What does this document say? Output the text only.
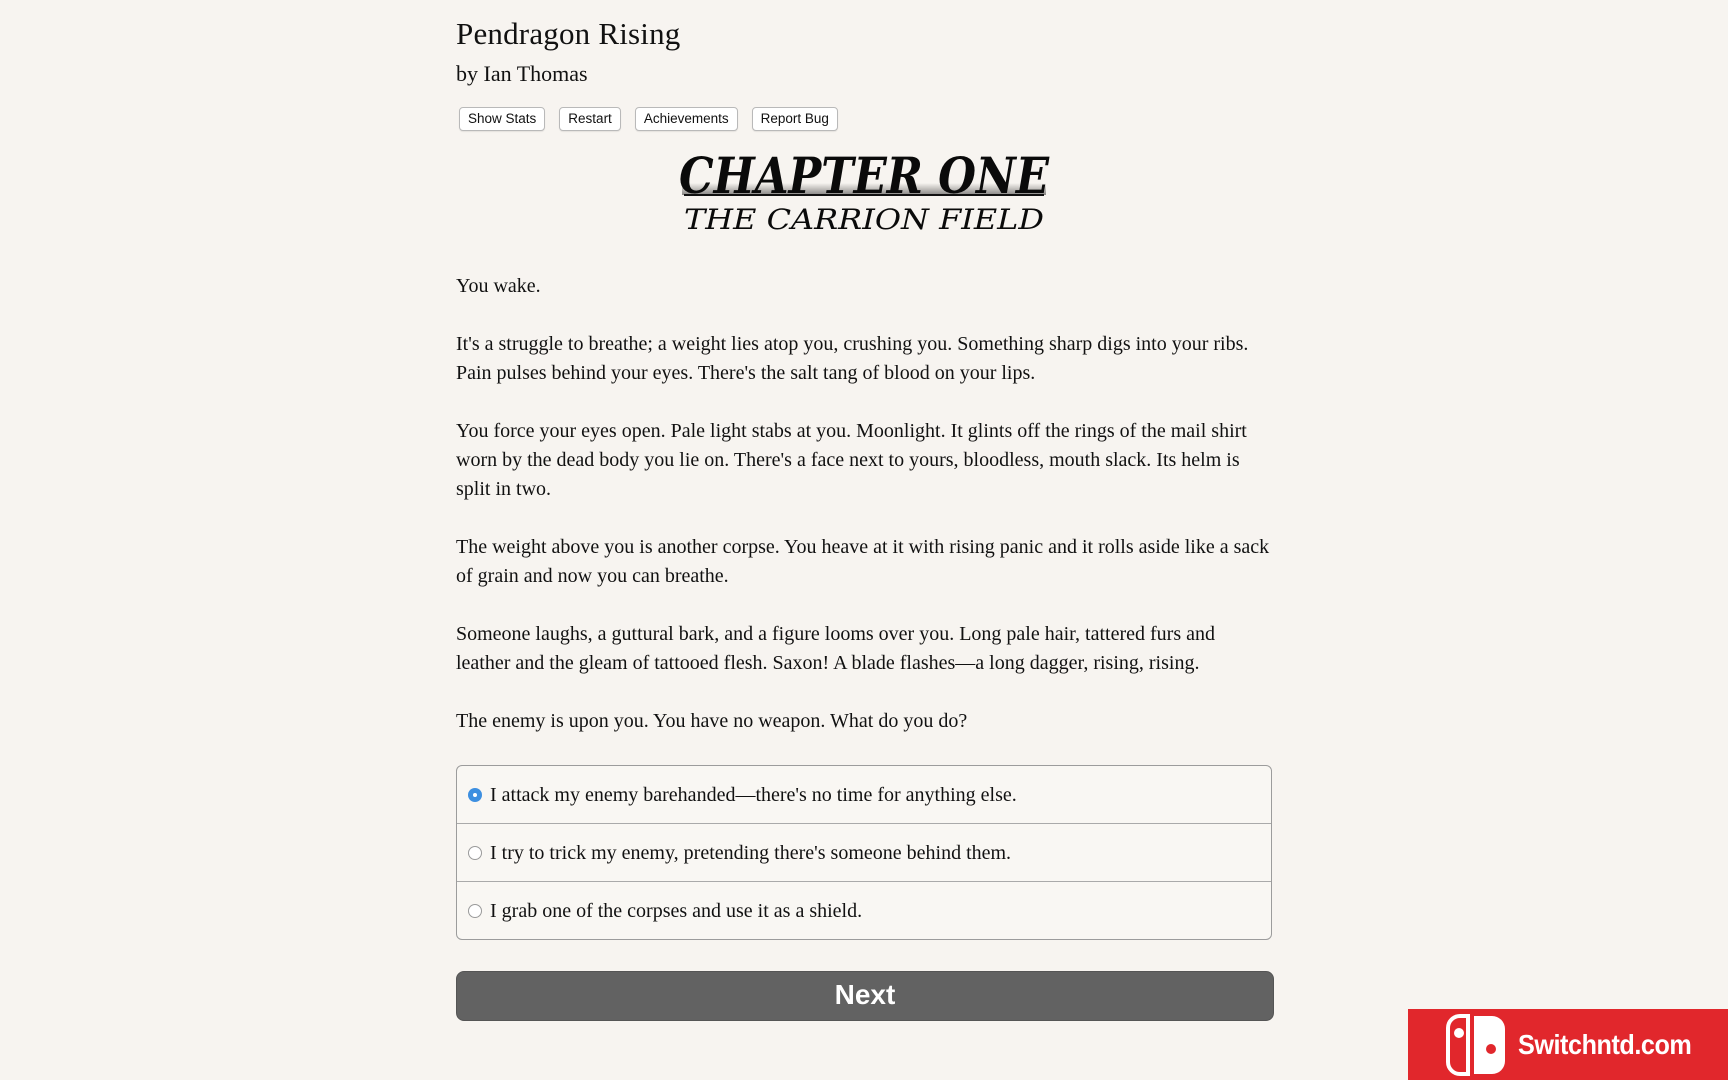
Pendragon Rising
by Ian Thomas
Show Stats	Restart	Achievements	Report Bug
CHAPTER ONE
THE CARRION FIELD

You wake.

It's a struggle to breathe; a weight lies atop you, crushing you. Something sharp digs into your ribs. Pain pulses behind your eyes. There's the salt tang of blood on your lips.

You force your eyes open. Pale light stabs at you. Moonlight. It glints off the rings of the mail shirt worn by the dead body you lie on. There's a face next to yours, bloodless, mouth slack. Its helm is split in two.

The weight above you is another corpse. You heave at it with rising panic and it rolls aside like a sack of grain and now you can breathe.

Someone laughs, a guttural bark, and a figure looms over you. Long pale hair, tattered furs and leather and the gleam of tattooed flesh. Saxon! A blade flashes—a long dagger, rising, rising.

The enemy is upon you. You have no weapon. What do you do?

I attack my enemy barehanded—there's no time for anything else.
I try to trick my enemy, pretending there's someone behind them.
I grab one of the corpses and use it as a shield.
Next
Switchntd.com
